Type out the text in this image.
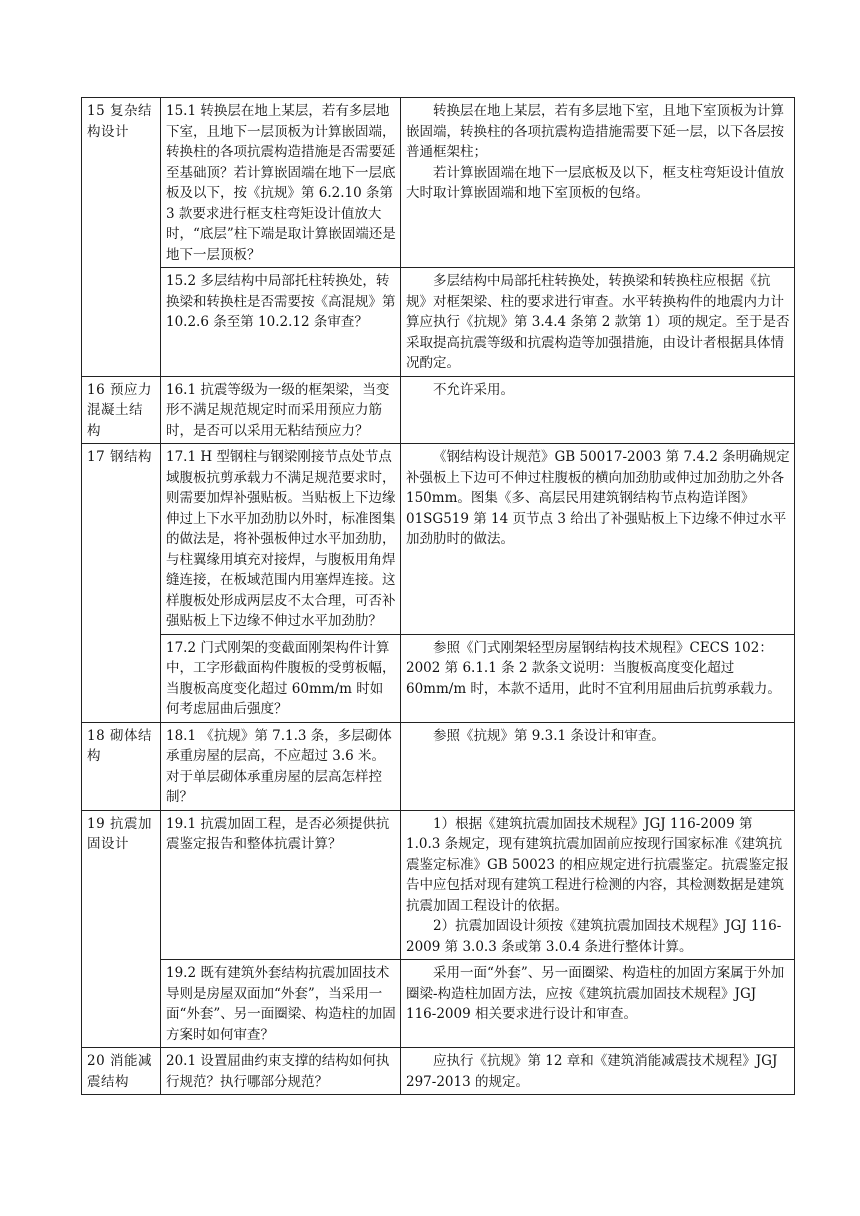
15 复杂结构设计	15.1 转换层在地上某层，若有多层地下室，且地下一层顶板为计算嵌固端，转换柱的各项抗震构造措施是否需要延至基础顶？若计算嵌固端在地下一层底板及以下，按《抗规》第 6.2.10 条第 3 款要求进行框支柱弯矩设计值放大时，“底层”柱下端是取计算嵌固端还是地下一层顶板？	转换层在地上某层，若有多层地下室，且地下室顶板为计算嵌固端，转换柱的各项抗震构造措施需要下延一层，以下各层按普通框架柱；

若计算嵌固端在地下一层底板及以下，框支柱弯矩设计值放大时取计算嵌固端和地下室顶板的包络。

	15.2 多层结构中局部托柱转换处，转换梁和转换柱是否需要按《高混规》第 10.2.6 条至第 10.2.12 条审查？	多层结构中局部托柱转换处，转换梁和转换柱应根据《抗规》对框架梁、柱的要求进行审查。水平转换构件的地震内力计算应执行《抗规》第 3.4.4 条第 2 款第 1）项的规定。至于是否采取提高抗震等级和抗震构造等加强措施，由设计者根据具体情况酌定。

16 预应力混凝土结构	16.1 抗震等级为一级的框架梁，当变形不满足规范规定时而采用预应力筋时，是否可以采用无粘结预应力？	不允许采用。

17 钢结构	17.1 H 型钢柱与钢梁刚接节点处节点域腹板抗剪承载力不满足规范要求时，则需要加焊补强贴板。当贴板上下边缘伸过上下水平加劲肋以外时，标准图集的做法是，将补强板伸过水平加劲肋，与柱翼缘用填充对接焊，与腹板用角焊缝连接，在板域范围内用塞焊连接。这样腹板处形成两层皮不太合理，可否补强贴板上下边缘不伸过水平加劲肋？	《钢结构设计规范》GB 50017-2003 第 7.4.2 条明确规定补强板上下边可不伸过柱腹板的横向加劲肋或伸过加劲肋之外各 150mm。图集《多、高层民用建筑钢结构节点构造详图》01SG519 第 14 页节点 3 给出了补强贴板上下边缘不伸过水平加劲肋时的做法。

	17.2 门式刚架的变截面刚架构件计算中，工字形截面构件腹板的受剪板幅，当腹板高度变化超过 60mm/m 时如何考虑屈曲后强度？	参照《门式刚架轻型房屋钢结构技术规程》CECS 102：2002 第 6.1.1 条 2 款条文说明：当腹板高度变化超过 60mm/m 时，本款不适用，此时不宜利用屈曲后抗剪承载力。

18 砌体结构	18.1 《抗规》第 7.1.3 条，多层砌体承重房屋的层高，不应超过 3.6 米。对于单层砌体承重房屋的层高怎样控制？	参照《抗规》第 9.3.1 条设计和审查。

19 抗震加固设计	19.1 抗震加固工程，是否必须提供抗震鉴定报告和整体抗震计算？	1）根据《建筑抗震加固技术规程》JGJ 116-2009 第 1.0.3 条规定，现有建筑抗震加固前应按现行国家标准《建筑抗震鉴定标准》GB 50023 的相应规定进行抗震鉴定。抗震鉴定报告中应包括对现有建筑工程进行检测的内容，其检测数据是建筑抗震加固工程设计的依据。

2）抗震加固设计须按《建筑抗震加固技术规程》JGJ 116-2009 第 3.0.3 条或第 3.0.4 条进行整体计算。

	19.2 既有建筑外套结构抗震加固技术导则是房屋双面加“外套”，当采用一面“外套”、另一面圈梁、构造柱的加固方案时如何审查？	采用一面“外套”、另一面圈梁、构造柱的加固方案属于外加圈梁-构造柱加固方法，应按《建筑抗震加固技术规程》JGJ 116-2009 相关要求进行设计和审查。

20 消能减震结构	20.1 设置屈曲约束支撑的结构如何执行规范？执行哪部分规范？	应执行《抗规》第 12 章和《建筑消能减震技术规程》JGJ 297-2013 的规定。
